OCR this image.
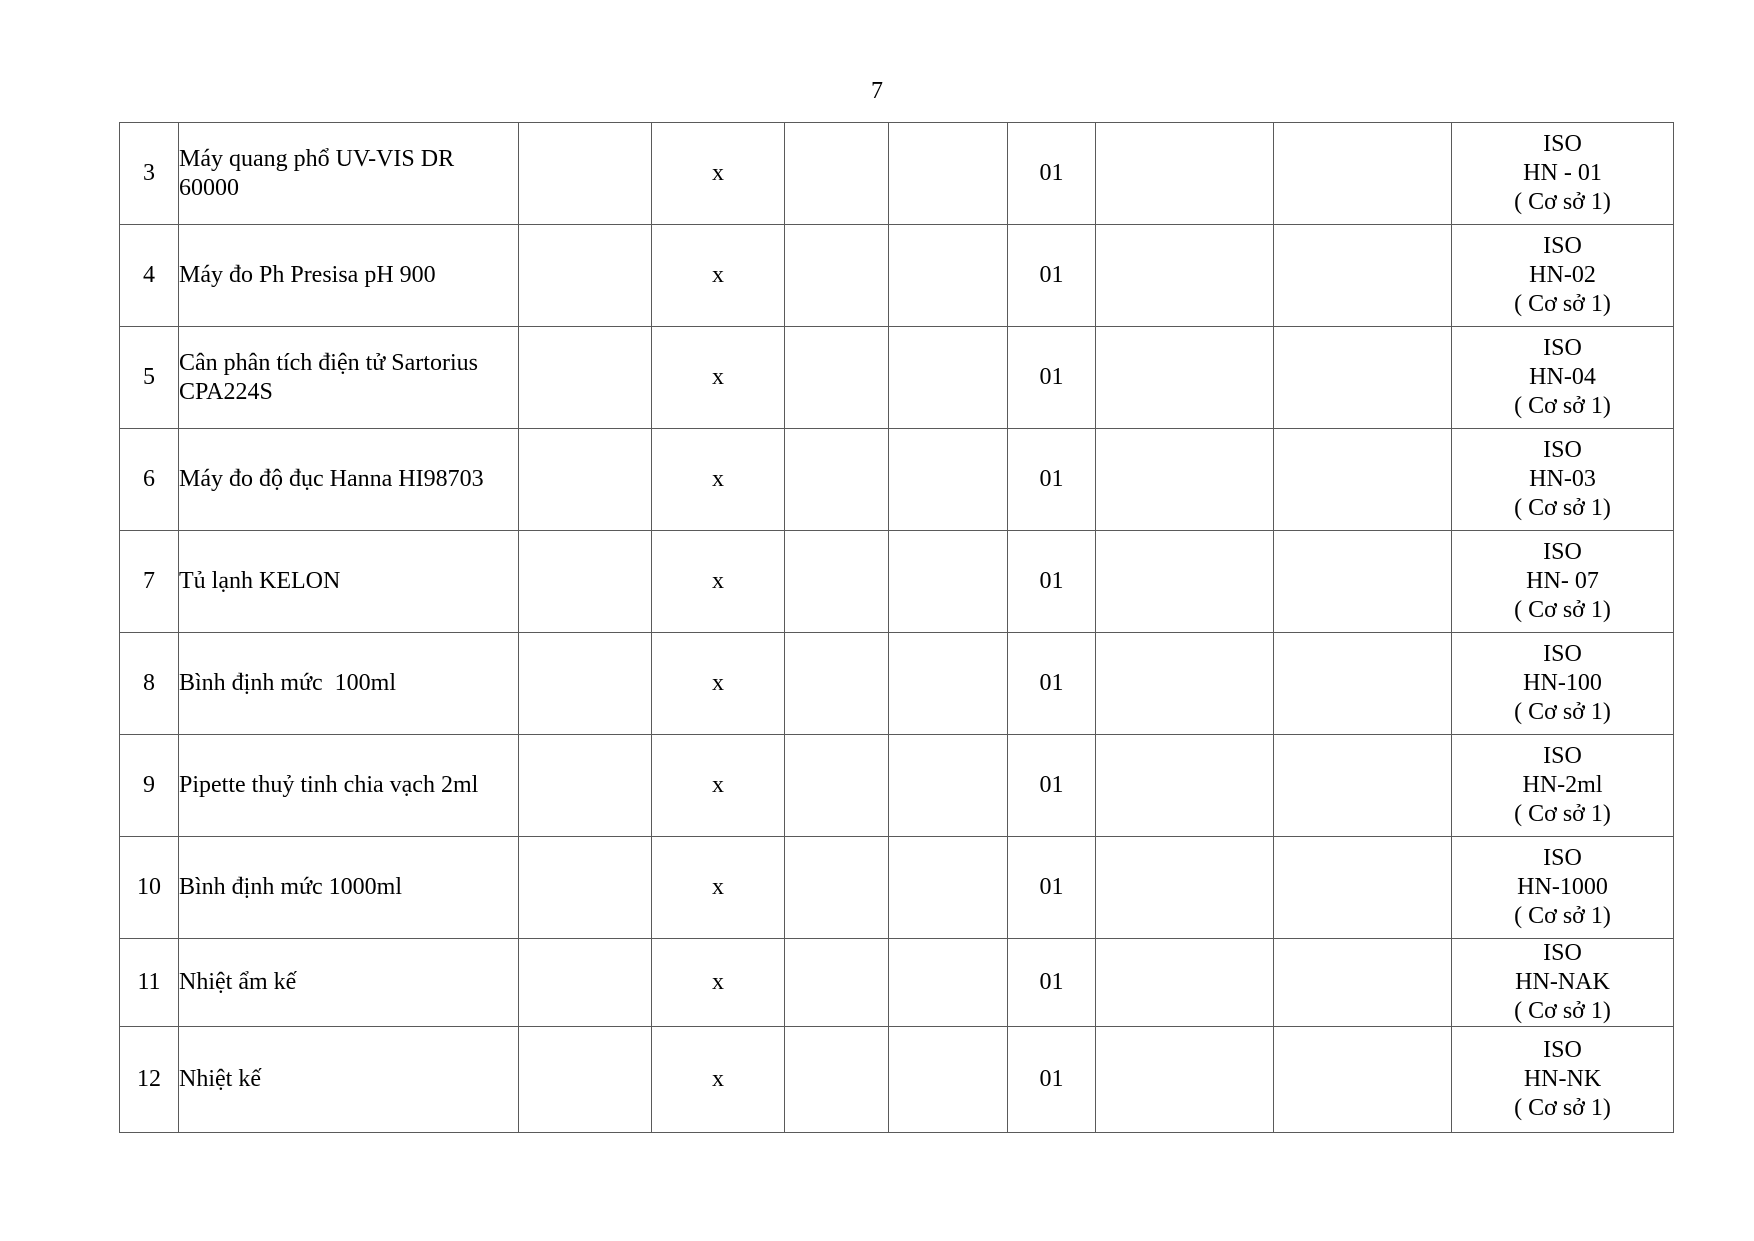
7
3	Máy quang phổ UV-VIS DR 60000		x			01			ISO
HN - 01
( Cơ sở 1)

4	Máy đo Ph Presisa pH 900		x			01			ISO
HN-02
( Cơ sở 1)

5	Cân phân tích điện tử Sartorius CPA224S		x			01			ISO
HN-04
( Cơ sở 1)

6	Máy đo độ đục Hanna HI98703		x			01			ISO
HN-03
( Cơ sở 1)

7	Tủ lạnh KELON		x			01			ISO
HN- 07
( Cơ sở 1)

8	Bình định mức  100ml		x			01			ISO
HN-100
( Cơ sở 1)

9	Pipette thuỷ tinh chia vạch 2ml		x			01			ISO
HN-2ml
( Cơ sở 1)

10	Bình định mức 1000ml		x			01			ISO
HN-1000
( Cơ sở 1)

11	Nhiệt ẩm kế		x			01			ISO
HN-NAK
( Cơ sở 1)

12	Nhiệt kế		x			01			ISO
HN-NK
( Cơ sở 1)
